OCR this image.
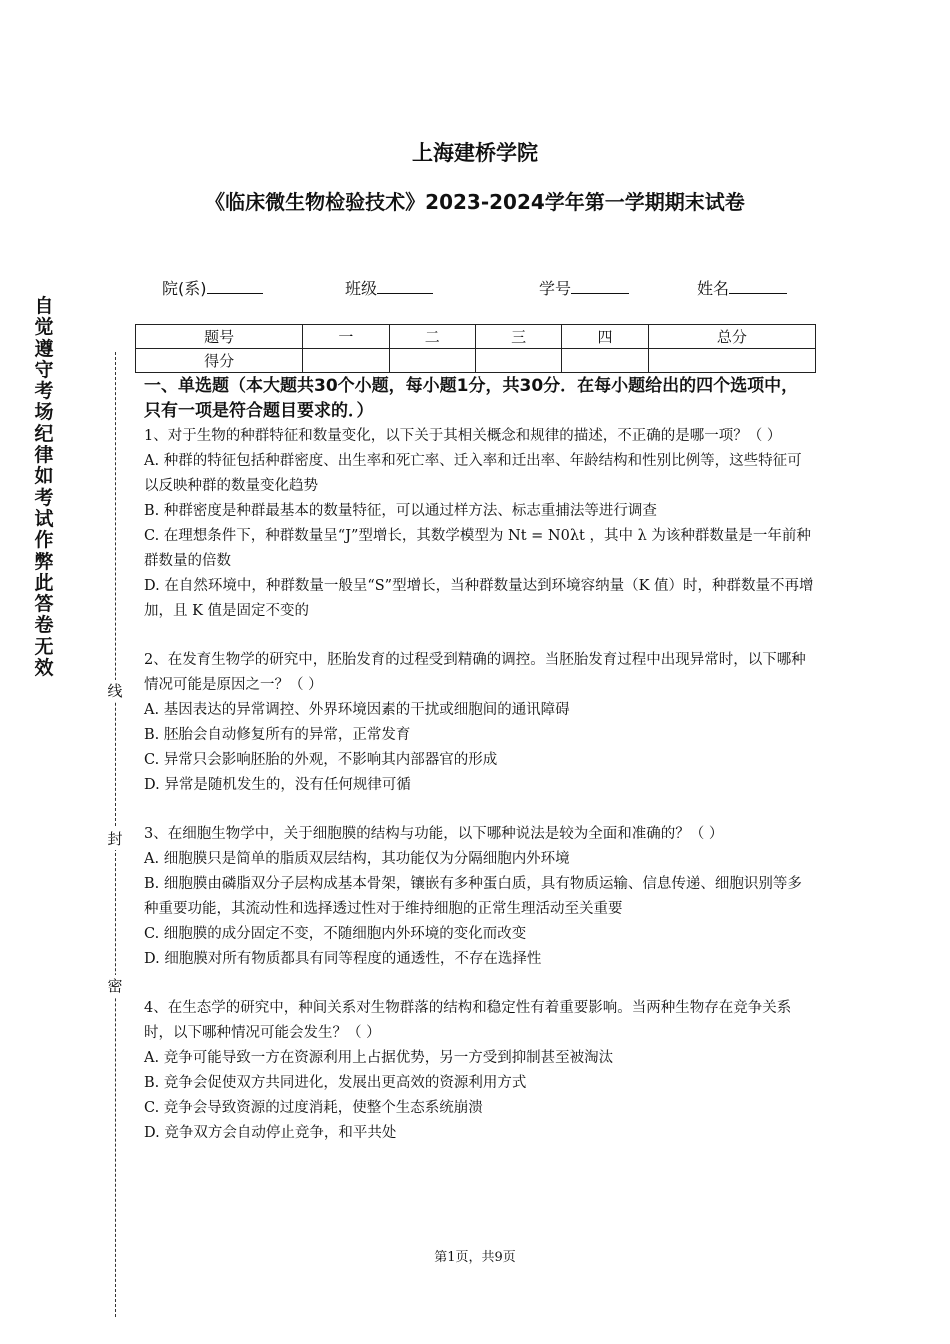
自
觉
遵
守
考
场
纪
律
如
考
试
作
弊
此
答
卷
无
效
线
封
密
上海建桥学院
《临床微生物检验技术》2023-2024学年第一学期期末试卷
院(系)	班级	学号	姓名
题号	一	二	三	四	总分
得分					

一、单选题（本大题共30个小题，每小题1分，共30分．在每小题给出的四个选项中，只有一项是符合题目要求的．）

1、对于生物的种群特征和数量变化，以下关于其相关概念和规律的描述，不正确的是哪一项？（ ）

A. 种群的特征包括种群密度、出生率和死亡率、迁入率和迁出率、年龄结构和性别比例等，这些特征可以反映种群的数量变化趋势

B. 种群密度是种群最基本的数量特征，可以通过样方法、标志重捕法等进行调查

C. 在理想条件下，种群数量呈“J”型增长，其数学模型为 Nt = N0λt ，其中 λ 为该种群数量是一年前种群数量的倍数

D. 在自然环境中，种群数量一般呈“S”型增长，当种群数量达到环境容纳量（K 值）时，种群数量不再增加，且 K 值是固定不变的

2、在发育生物学的研究中，胚胎发育的过程受到精确的调控。当胚胎发育过程中出现异常时，以下哪种情况可能是原因之一？（ ）

A. 基因表达的异常调控、外界环境因素的干扰或细胞间的通讯障碍

B. 胚胎会自动修复所有的异常，正常发育

C. 异常只会影响胚胎的外观，不影响其内部器官的形成

D. 异常是随机发生的，没有任何规律可循

3、在细胞生物学中，关于细胞膜的结构与功能，以下哪种说法是较为全面和准确的？（ ）

A. 细胞膜只是简单的脂质双层结构，其功能仅为分隔细胞内外环境

B. 细胞膜由磷脂双分子层构成基本骨架，镶嵌有多种蛋白质，具有物质运输、信息传递、细胞识别等多种重要功能，其流动性和选择透过性对于维持细胞的正常生理活动至关重要

C. 细胞膜的成分固定不变，不随细胞内外环境的变化而改变

D. 细胞膜对所有物质都具有同等程度的通透性，不存在选择性

4、在生态学的研究中，种间关系对生物群落的结构和稳定性有着重要影响。当两种生物存在竞争关系时，以下哪种情况可能会发生？（ ）

A. 竞争可能导致一方在资源利用上占据优势，另一方受到抑制甚至被淘汰

B. 竞争会促使双方共同进化，发展出更高效的资源利用方式

C. 竞争会导致资源的过度消耗，使整个生态系统崩溃

D. 竞争双方会自动停止竞争，和平共处

第1页，共9页
